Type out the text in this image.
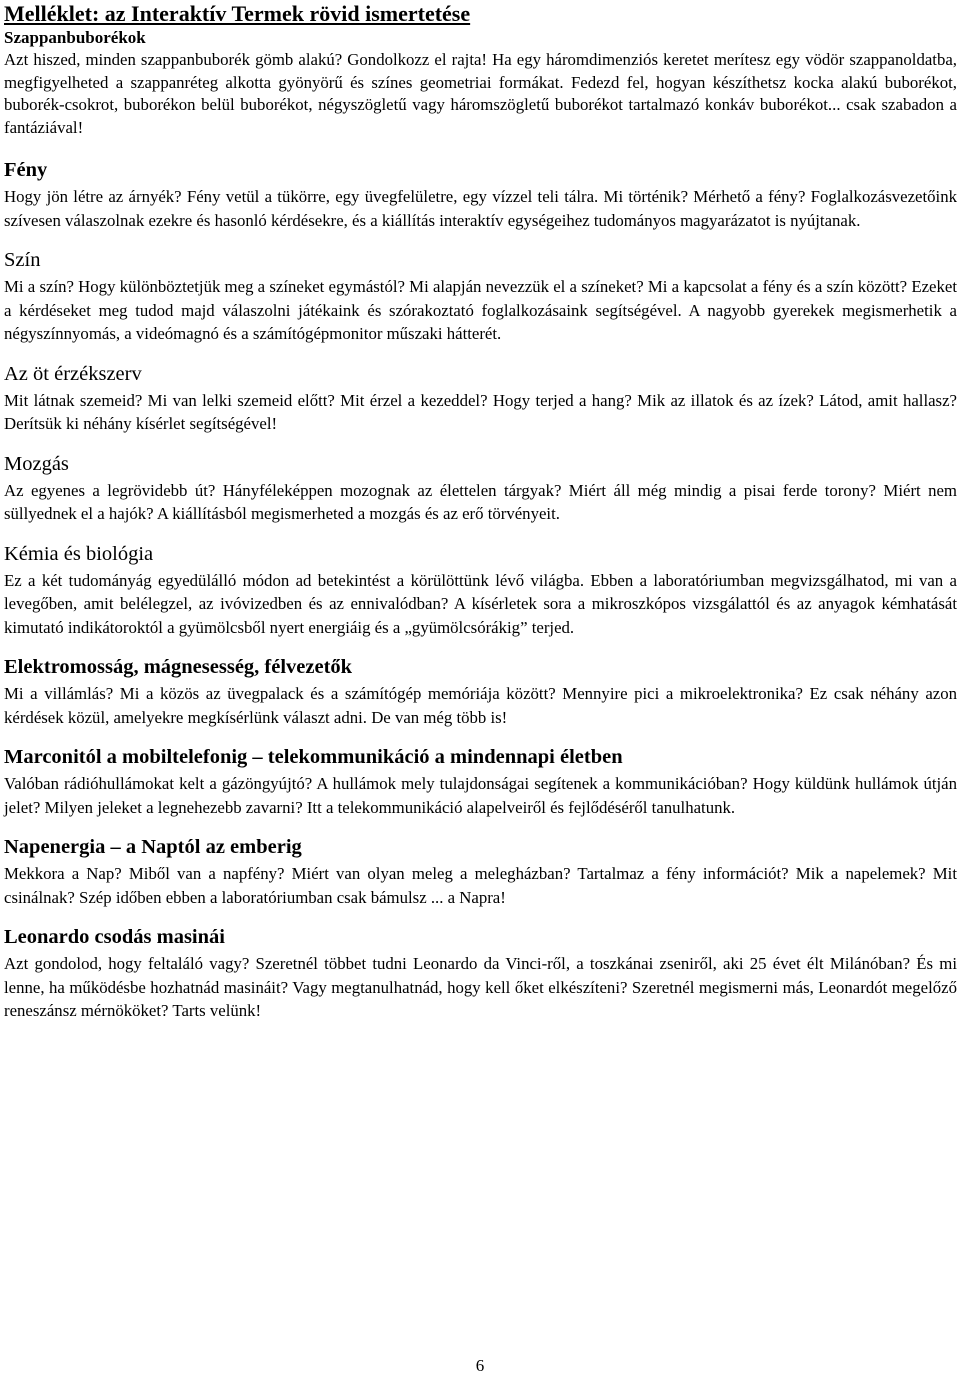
Melléklet: az Interaktív Termek rövid ismertetése
Szappanbuborékok

Azt hiszed, minden szappanbuborék gömb alakú? Gondolkozz el rajta! Ha egy háromdimenziós keretet merítesz egy vödör szappanoldatba, megfigyelheted a szappanréteg alkotta gyönyörű és színes geometriai formákat. Fedezd fel, hogyan készíthetsz kocka alakú buborékot, buborék-csokrot, buborékon belül buborékot, négyszögletű vagy háromszögletű buborékot tartalmazó konkáv buborékot... csak szabadon a fantáziával!

Fény

Hogy jön létre az árnyék? Fény vetül a tükörre, egy üvegfelületre, egy vízzel teli tálra. Mi történik? Mérhető a fény? Foglalkozásvezetőink szívesen válaszolnak ezekre és hasonló kérdésekre, és a kiállítás interaktív egységeihez tudományos magyarázatot is nyújtanak.

Szín

Mi a szín? Hogy különböztetjük meg a színeket egymástól? Mi alapján nevezzük el a színeket? Mi a kapcsolat a fény és a szín között? Ezeket a kérdéseket meg tudod majd válaszolni játékaink és szórakoztató foglalkozásaink segítségével. A nagyobb gyerekek megismerhetik a négyszínnyomás, a videómagnó és a számítógépmonitor műszaki hátterét.

Az öt érzékszerv

Mit látnak szemeid? Mi van lelki szemeid előtt? Mit érzel a kezeddel? Hogy terjed a hang? Mik az illatok és az ízek? Látod, amit hallasz? Derítsük ki néhány kísérlet segítségével!

Mozgás

Az egyenes a legrövidebb út? Hányféleképpen mozognak az élettelen tárgyak? Miért áll még mindig a pisai ferde torony? Miért nem süllyednek el a hajók? A kiállításból megismerheted a mozgás és az erő törvényeit.

Kémia és biológia

Ez a két tudományág egyedülálló módon ad betekintést a körülöttünk lévő világba. Ebben a laboratóriumban megvizsgálhatod, mi van a levegőben, amit belélegzel, az ivóvizedben és az ennivalódban? A kísérletek sora a mikroszkópos vizsgálattól és az anyagok kémhatását kimutató indikátoroktól a gyümölcsből nyert energiáig és a „gyümölcsórákig” terjed.

Elektromosság, mágnesesség, félvezetők

Mi a villámlás? Mi a közös az üvegpalack és a számítógép memóriája között? Mennyire pici a mikroelektronika? Ez csak néhány azon kérdések közül, amelyekre megkísérlünk választ adni. De van még több is!

Marconitól a mobiltelefonig – telekommunikáció a mindennapi életben

Valóban rádióhullámokat kelt a gázöngyújtó? A hullámok mely tulajdonságai segítenek a kommunikációban? Hogy küldünk hullámok útján jelet? Milyen jeleket a legnehezebb zavarni? Itt a telekommunikáció alapelveiről és fejlődéséről tanulhatunk.

Napenergia – a Naptól az emberig

Mekkora a Nap? Miből van a napfény? Miért van olyan meleg a melegházban? Tartalmaz a fény információt? Mik a napelemek? Mit csinálnak? Szép időben ebben a laboratóriumban csak bámulsz ... a Napra!

Leonardo csodás masinái

Azt gondolod, hogy feltaláló vagy? Szeretnél többet tudni Leonardo da Vinci-ről, a toszkánai zseniről, aki 25 évet élt Milánóban? És mi lenne, ha működésbe hozhatnád masináit? Vagy megtanulhatnád, hogy kell őket elkészíteni? Szeretnél megismerni más, Leonardót megelőző reneszánsz mérnököket? Tarts velünk!

6
